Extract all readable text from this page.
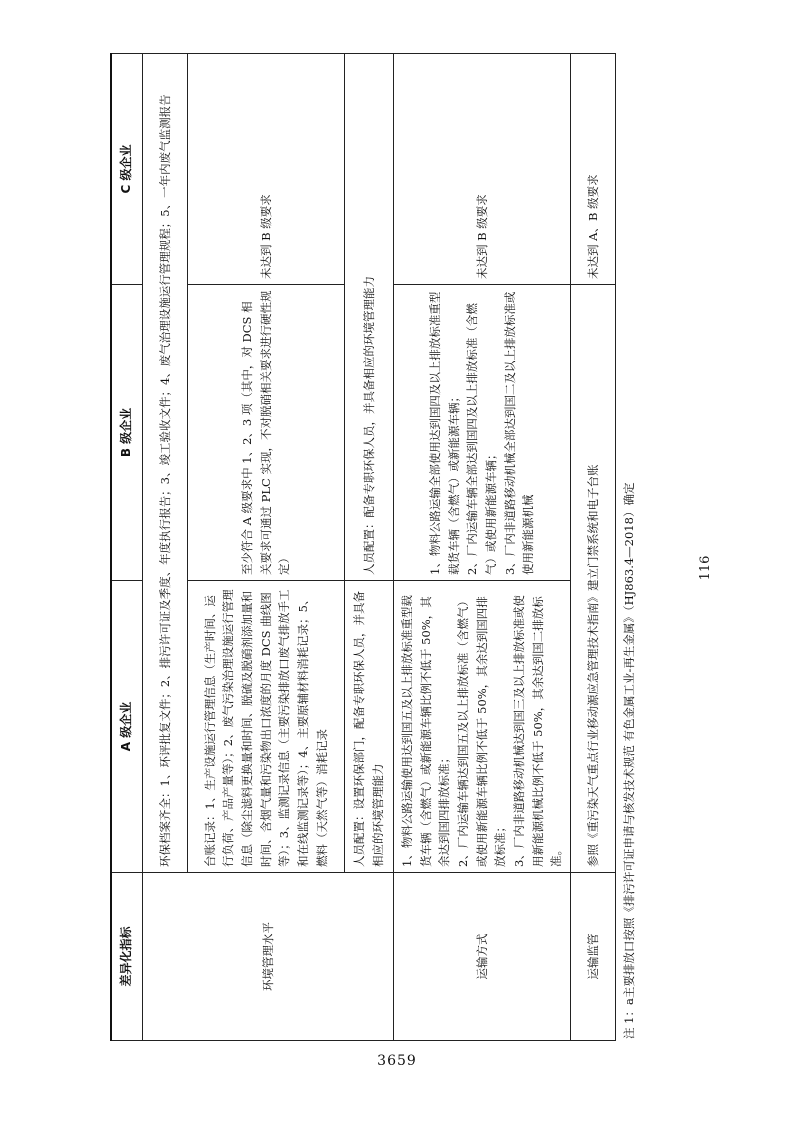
116
3659
差异化指标	A 级企业	B 级企业	C 级企业
环境管理水平	环保档案齐全：1、环评批复文件；2、排污许可证及季度、年度执行报告；3、竣工验收文件；4、废气治理设施运行管理规程；5、一年内废气监测报告		
	台账记录：1、生产设施运行管理信息（生产时间、运行负荷、产品产量等）；2、废气污染治理设施运行管理信息（除尘滤料更换量和时间、脱硫及脱硝剂添加量和时间、含烟气量和污染物出口浓度的月度 DCS 曲线图等）；3、监测记录信息（主要污染排放口废气排放手工和在线监测记录等）；4、主要原辅材料消耗记录；5、燃料（天然气等）消耗记录	至少符合 A 级要求中 1、2、3 项（其中，对 DCS 相关要求可通过 PLC 实现，不对脱硝相关要求进行硬性规定）	未达到 B 级要求
	人员配置：设置环保部门，配备专职环保人员，并具备相应的环境管理能力	人员配置：配备专职环保人员，并具备相应的环境管理能力	
运输方式	1、物料公路运输使用达到国五及以上排放标准重型载货车辆（含燃气）或新能源车辆比例不低于 50%，其余达到国四排放标准； 2、厂内运输车辆达到国五及以上排放标准（含燃气）或使用新能源车辆比例不低于 50%，其余达到国四排放标准； 3、厂内非道路移动机械达到国三及以上排放标准或使用新能源机械比例不低于 50%，其余达到国二排放标准。	1、物料公路运输全部使用达到国四及以上排放标准重型载货车辆（含燃气）或新能源车辆； 2、厂内运输车辆全部达到国四及以上排放标准（含燃气）或使用新能源车辆； 3、厂内非道路移动机械全部达到国二及以上排放标准或使用新能源机械	未达到 B 级要求
运输监管	参照《重污染天气重点行业移动源应急管理技术指南》建立门禁系统和电子台账		未达到 A、B 级要求
注 1：a主要排放口按照《排污许可证申请与核发技术规范 有色金属工业-再生金属》（HJ863.4—2018）确定
